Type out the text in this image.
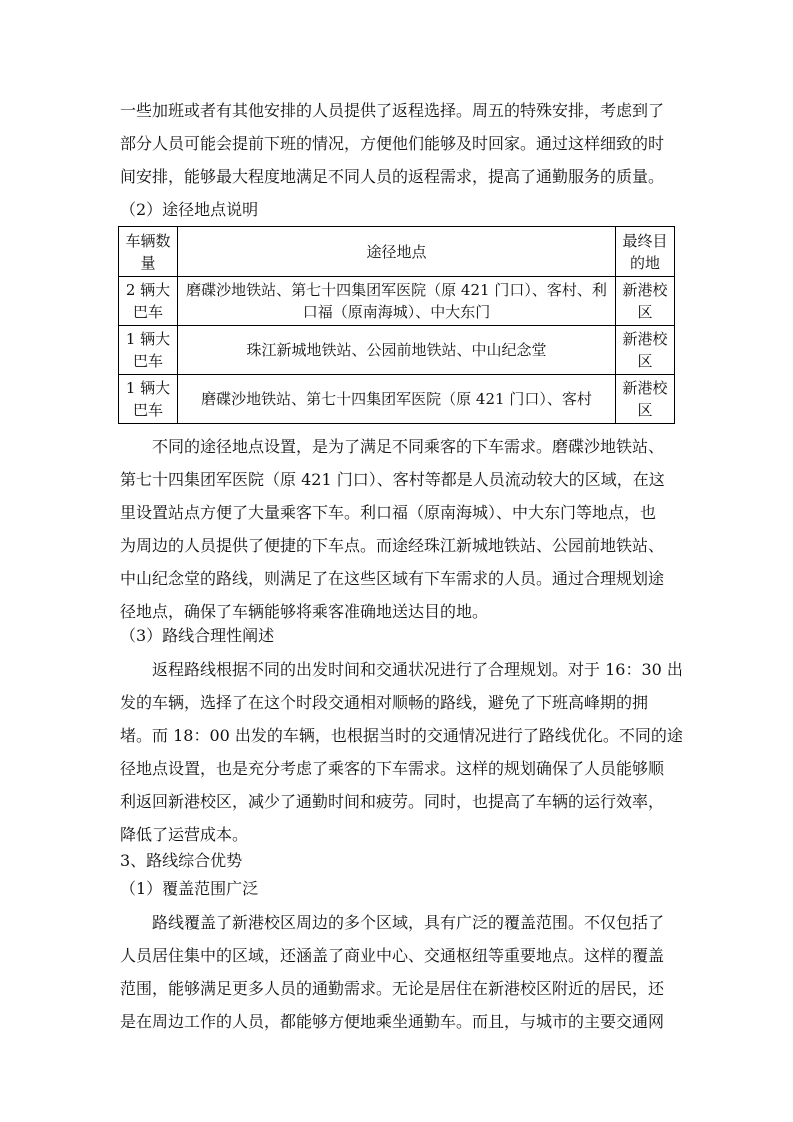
一些加班或者有其他安排的人员提供了返程选择。周五的特殊安排，考虑到了
部分人员可能会提前下班的情况，方便他们能够及时回家。通过这样细致的时
间安排，能够最大程度地满足不同人员的返程需求，提高了通勤服务的质量。
（2）途径地点说明
车辆数量	途径地点	最终目的地
2 辆大巴车	磨碟沙地铁站、第七十四集团军医院（原 421 门口）、客村、利口福（原南海城）、中大东门	新港校区
1 辆大巴车	珠江新城地铁站、公园前地铁站、中山纪念堂	新港校区
1 辆大巴车	磨碟沙地铁站、第七十四集团军医院（原 421 门口）、客村	新港校区
不同的途径地点设置，是为了满足不同乘客的下车需求。磨碟沙地铁站、
第七十四集团军医院（原 421 门口）、客村等都是人员流动较大的区域，在这
里设置站点方便了大量乘客下车。利口福（原南海城）、中大东门等地点，也
为周边的人员提供了便捷的下车点。而途经珠江新城地铁站、公园前地铁站、
中山纪念堂的路线，则满足了在这些区域有下车需求的人员。通过合理规划途
径地点，确保了车辆能够将乘客准确地送达目的地。
（3）路线合理性阐述
返程路线根据不同的出发时间和交通状况进行了合理规划。对于 16：30 出
发的车辆，选择了在这个时段交通相对顺畅的路线，避免了下班高峰期的拥
堵。而 18：00 出发的车辆，也根据当时的交通情况进行了路线优化。不同的途
径地点设置，也是充分考虑了乘客的下车需求。这样的规划确保了人员能够顺
利返回新港校区，减少了通勤时间和疲劳。同时，也提高了车辆的运行效率，
降低了运营成本。
3、路线综合优势
（1）覆盖范围广泛
路线覆盖了新港校区周边的多个区域，具有广泛的覆盖范围。不仅包括了
人员居住集中的区域，还涵盖了商业中心、交通枢纽等重要地点。这样的覆盖
范围，能够满足更多人员的通勤需求。无论是居住在新港校区附近的居民，还
是在周边工作的人员，都能够方便地乘坐通勤车。而且，与城市的主要交通网
